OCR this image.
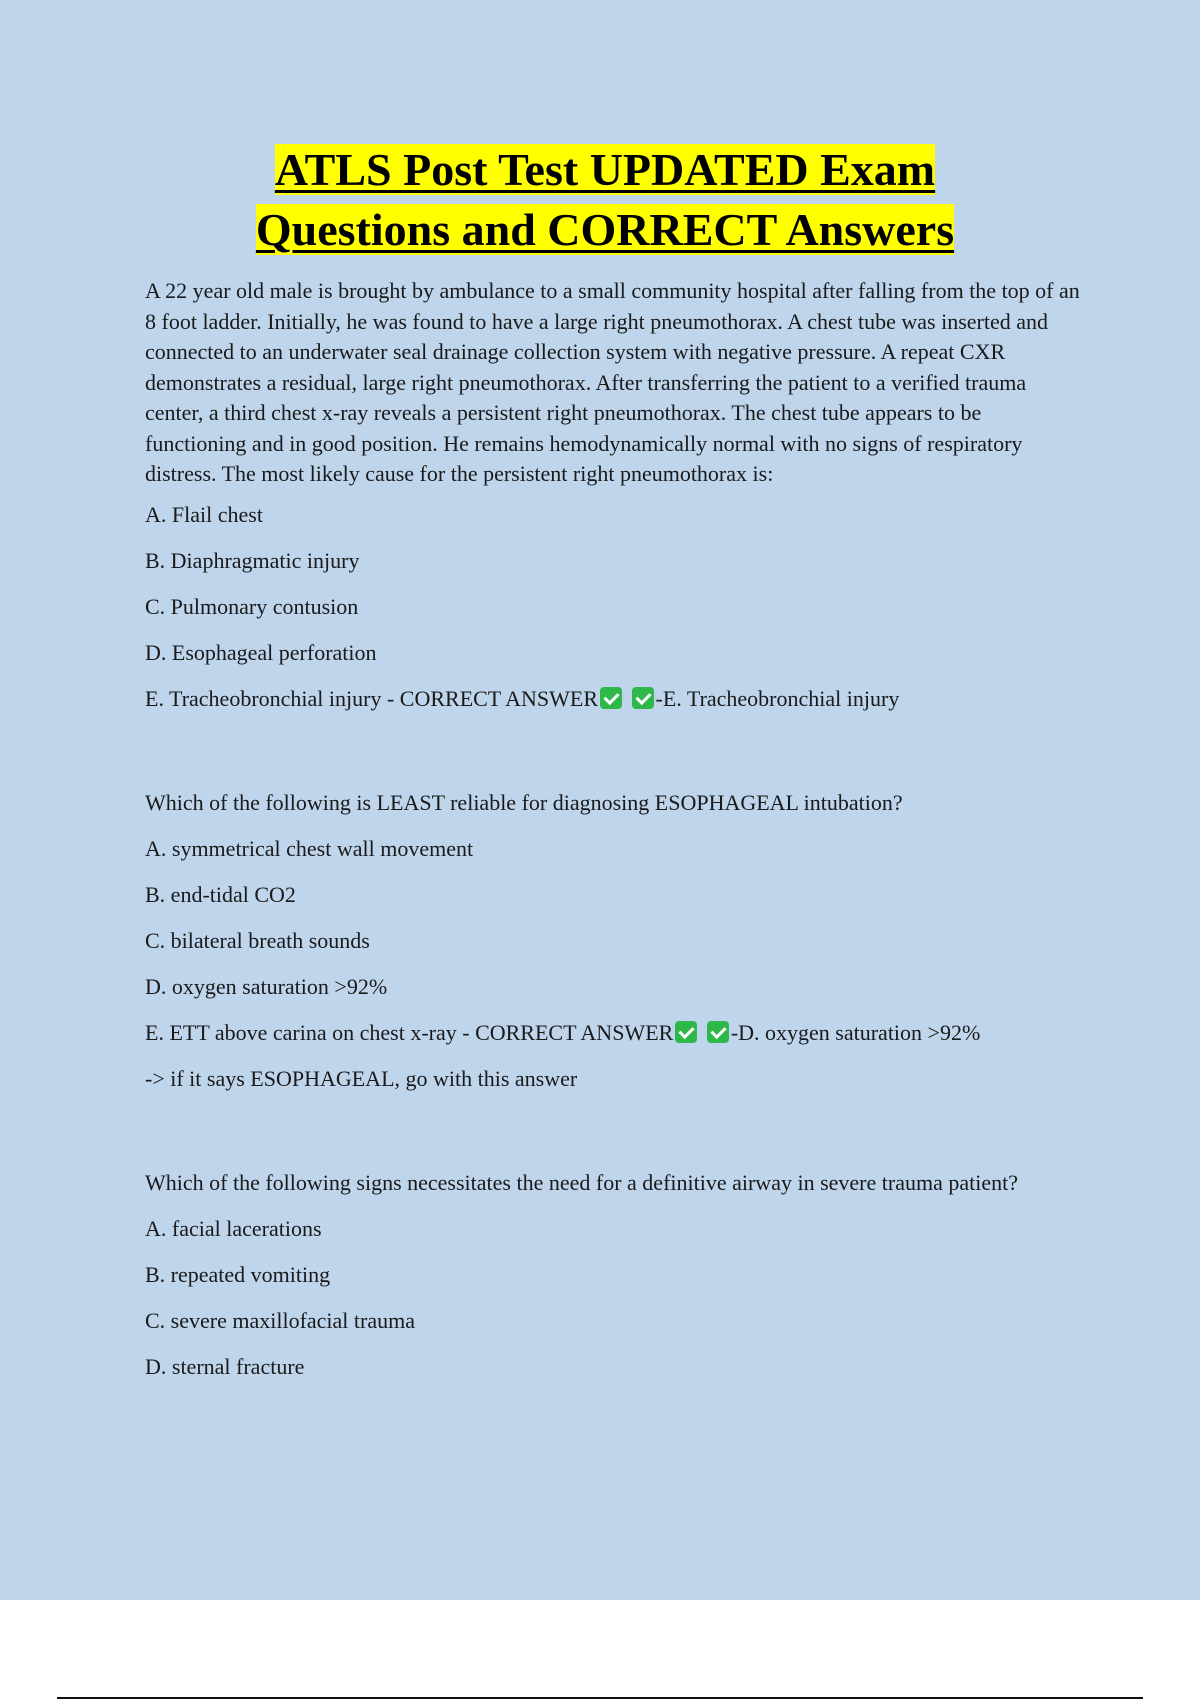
ATLS Post Test UPDATED Exam
Questions and CORRECT Answers

A 22 year old male is brought by ambulance to a small community hospital after falling from the top of an 8 foot ladder. Initially, he was found to have a large right pneumothorax. A chest tube was inserted and connected to an underwater seal drainage collection system with negative pressure. A repeat CXR demonstrates a residual, large right pneumothorax. After transferring the patient to a verified trauma center, a third chest x-ray reveals a persistent right pneumothorax. The chest tube appears to be functioning and in good position. He remains hemodynamically normal with no signs of respiratory distress. The most likely cause for the persistent right pneumothorax is:

A. Flail chest

B. Diaphragmatic injury

C. Pulmonary contusion

D. Esophageal perforation

E. Tracheobronchial injury - CORRECT ANSWER	-E. Tracheobronchial injury

Which of the following is LEAST reliable for diagnosing ESOPHAGEAL intubation?

A. symmetrical chest wall movement

B. end-tidal CO2

C. bilateral breath sounds

D. oxygen saturation >92%

E. ETT above carina on chest x-ray - CORRECT ANSWER	-D. oxygen saturation >92%

-> if it says ESOPHAGEAL, go with this answer

Which of the following signs necessitates the need for a definitive airway in severe trauma patient?

A. facial lacerations

B. repeated vomiting

C. severe maxillofacial trauma

D. sternal fracture
